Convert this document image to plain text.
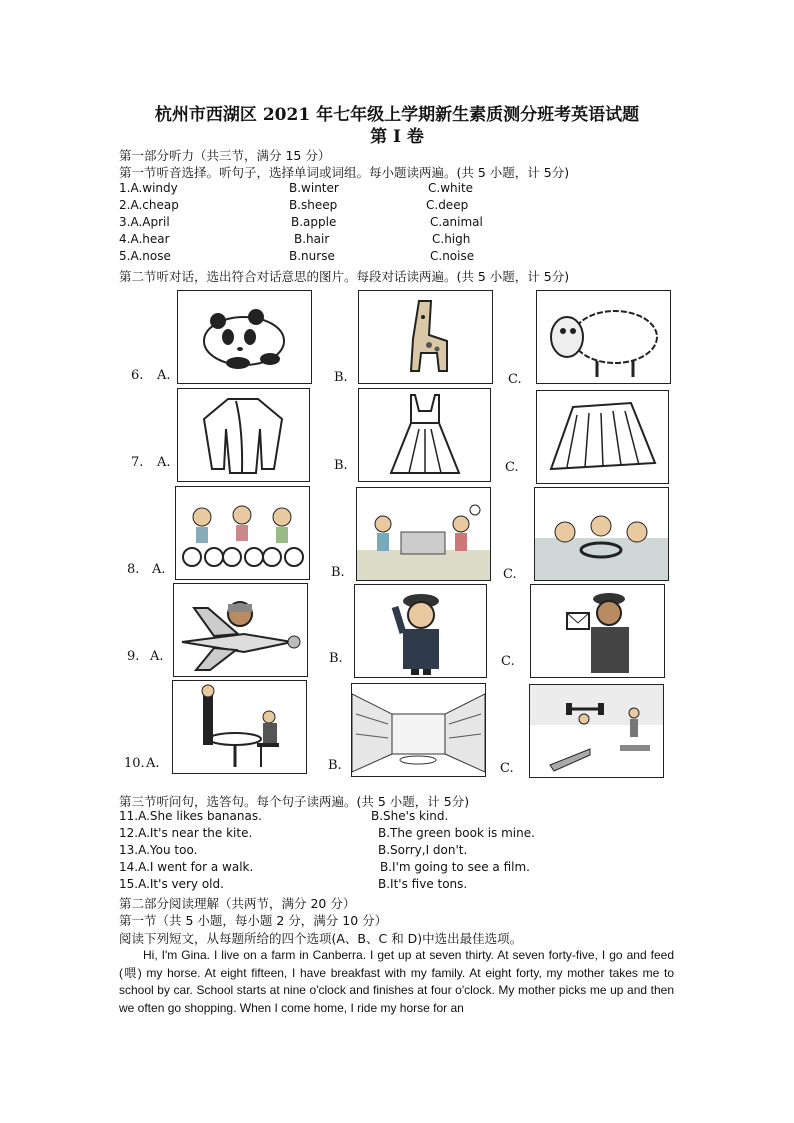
杭州市西湖区 2021 年七年级上学期新生素质测分班考英语试题
第 I 卷
第一部分听力（共三节，满分 15 分）
第一节听音选择。听句子，选择单词或词组。每小题读两遍。(共 5 小题，计 5分)
1.A.windy	B.winter	C.white
2.A.cheap	B.sheep	C.deep
3.A.April	B.apple	C.animal
4.A.hear	B.hair	C.high
5.A.nose	B.nurse	C.noise
第二节听对话，选出符合对话意思的图片。每段对话读两遍。(共 5 小题，计 5分)
6. A.	B.	C.
7. A.	B.	C.
8. A.	B.	C.
9. A.	B.	C.
10. A.	B.	C.
第三节听问句，选答句。每个句子读两遍。(共 5 小题，计 5分)
11.A.She likes bananas.	B.She's kind.
12.A.It's near the kite.	B.The green book is mine.
13.A.You too.	B.Sorry,I don't.
14.A.I went for a walk.	B.I'm going to see a film.
15.A.It's very old.	B.It's five tons.
第二部分阅读理解（共两节，满分 20 分）
第一节（共 5 小题，每小题 2 分，满分 10 分）
阅读下列短文，从每题所给的四个选项(A、B、C 和 D)中选出最佳选项。

Hi, I'm Gina. I live on a farm in Canberra. I get up at seven thirty. At seven forty-five, I go and feed (喂) my horse. At eight fifteen, I have breakfast with my family. At eight forty, my mother takes me to school by car. School starts at nine o'clock and finishes at four o'clock. My mother picks me up and then we often go shopping. When I come home, I ride my horse for an
